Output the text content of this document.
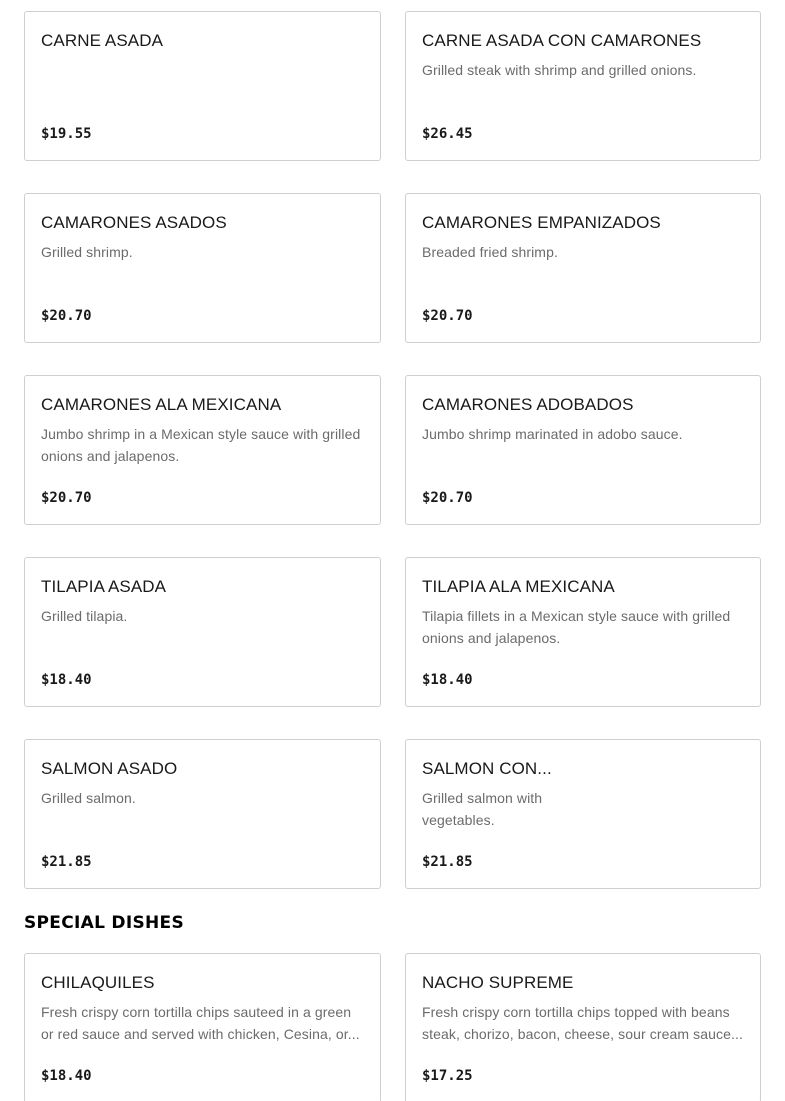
CARNE ASADA
$19.55
CARNE ASADA CON CAMARONES
Grilled steak with shrimp and grilled onions.
$26.45
CAMARONES ASADOS
Grilled shrimp.
$20.70
CAMARONES EMPANIZADOS
Breaded fried shrimp.
$20.70
CAMARONES ALA MEXICANA
Jumbo shrimp in a Mexican style sauce with grilled onions and jalapenos.
$20.70
CAMARONES ADOBADOS
Jumbo shrimp marinated in adobo sauce.
$20.70
TILAPIA ASADA
Grilled tilapia.
$18.40
TILAPIA ALA MEXICANA
Tilapia fillets in a Mexican style sauce with grilled onions and jalapenos.
$18.40
SALMON ASADO
Grilled salmon.
$21.85
SALMON CON...
Grilled salmon with vegetables.
$21.85
SPECIAL DISHES
CHILAQUILES
Fresh crispy corn tortilla chips sauteed in a green or red sauce and served with chicken, Cesina, or...
$18.40
NACHO SUPREME
Fresh crispy corn tortilla chips topped with beans steak, chorizo, bacon, cheese, sour cream sauce...
$17.25
